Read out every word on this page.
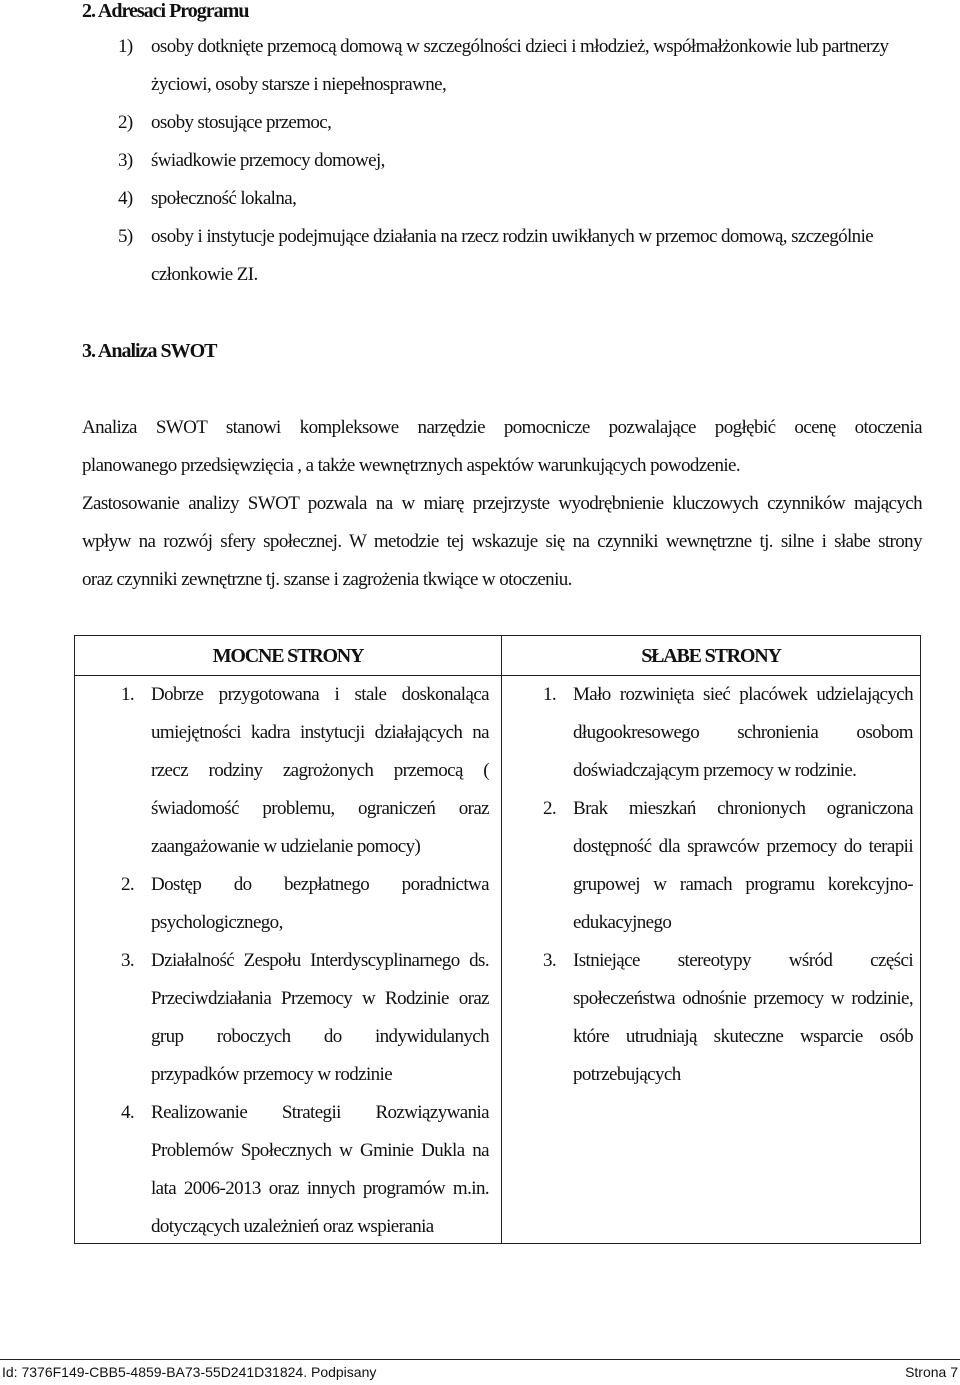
2. Adresaci Programu
1) osoby dotknięte przemocą domową w szczególności dzieci i młodzież, współmałżonkowie lub partnerzy życiowi, osoby starsze i niepełnosprawne,
2) osoby stosujące przemoc,
3) świadkowie przemocy domowej,
4) społeczność lokalna,
5) osoby i instytucje podejmujące działania na rzecz rodzin uwikłanych w przemoc domową, szczególnie członkowie ZI.
3. Analiza SWOT
Analiza SWOT stanowi kompleksowe narzędzie pomocnicze pozwalające pogłębić ocenę otoczenia
planowanego przedsięwzięcia , a także wewnętrznych aspektów warunkujących powodzenie.
Zastosowanie analizy SWOT pozwala na w miarę przejrzyste wyodrębnienie kluczowych czynników mających
wpływ na rozwój sfery społecznej. W metodzie tej wskazuje się na czynniki wewnętrzne tj. silne i słabe strony
oraz czynniki zewnętrzne tj. szanse i zagrożenia tkwiące w otoczeniu.
MOCNE STRONY	SŁABE STRONY
1. Dobrze przygotowana i stale doskonaląca umiejętności kadra instytucji działających na rzecz rodziny zagrożonych przemocą ( świadomość problemu, ograniczeń oraz zaangażowanie w udzielanie pomocy)
2. Dostęp do bezpłatnego poradnictwa psychologicznego,
3. Działalność Zespołu Interdyscyplinarnego ds. Przeciwdziałania Przemocy w Rodzinie oraz grup roboczych do indywidulanych przypadków przemocy w rodzinie
4. Realizowanie Strategii Rozwiązywania Problemów Społecznych w Gminie Dukla na lata 2006-2013 oraz innych programów m.in. dotyczących uzależnień oraz wspierania
1. Mało rozwinięta sieć placówek udzielających długookresowego schronienia osobom doświadczającym przemocy w rodzinie.
2. Brak mieszkań chronionych ograniczona dostępność dla sprawców przemocy do terapii grupowej w ramach programu korekcyjno-edukacyjnego
3. Istniejące stereotypy wśród części społeczeństwa odnośnie przemocy w rodzinie, które utrudniają skuteczne wsparcie osób potrzebujących
Id: 7376F149-CBB5-4859-BA73-55D241D31824. Podpisany	Strona 7
